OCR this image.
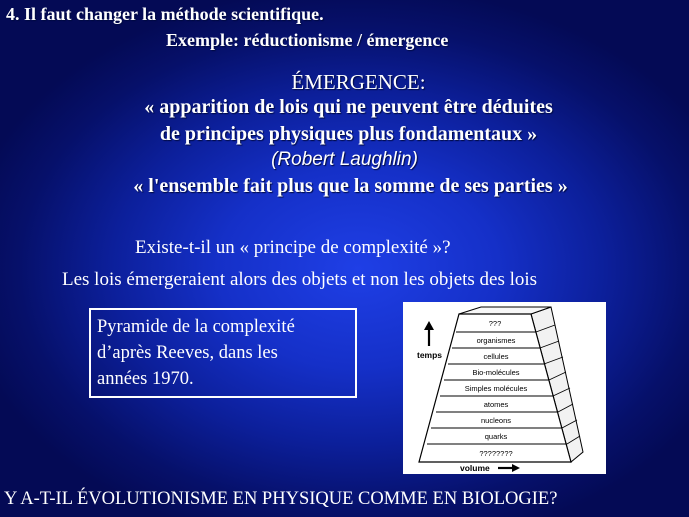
4. Il faut changer la méthode scientifique.
Exemple: réductionisme / émergence
ÉMERGENCE:
« apparition de lois qui ne peuvent être déduites
de principes physiques plus fondamentaux »
(Robert Laughlin)
« l'ensemble fait plus que la somme de ses parties »
Existe-t-il un « principe de complexité »?
Les lois émergeraient alors des objets et non les objets des lois
Pyramide de la complexité
d’après Reeves, dans les
années 1970.
temps
volume
???
organismes
cellules
Bio-molécules
Simples molécules
atomes
nucleons
quarks
????????
Y A-T-IL ÉVOLUTIONISME EN PHYSIQUE COMME EN BIOLOGIE?
